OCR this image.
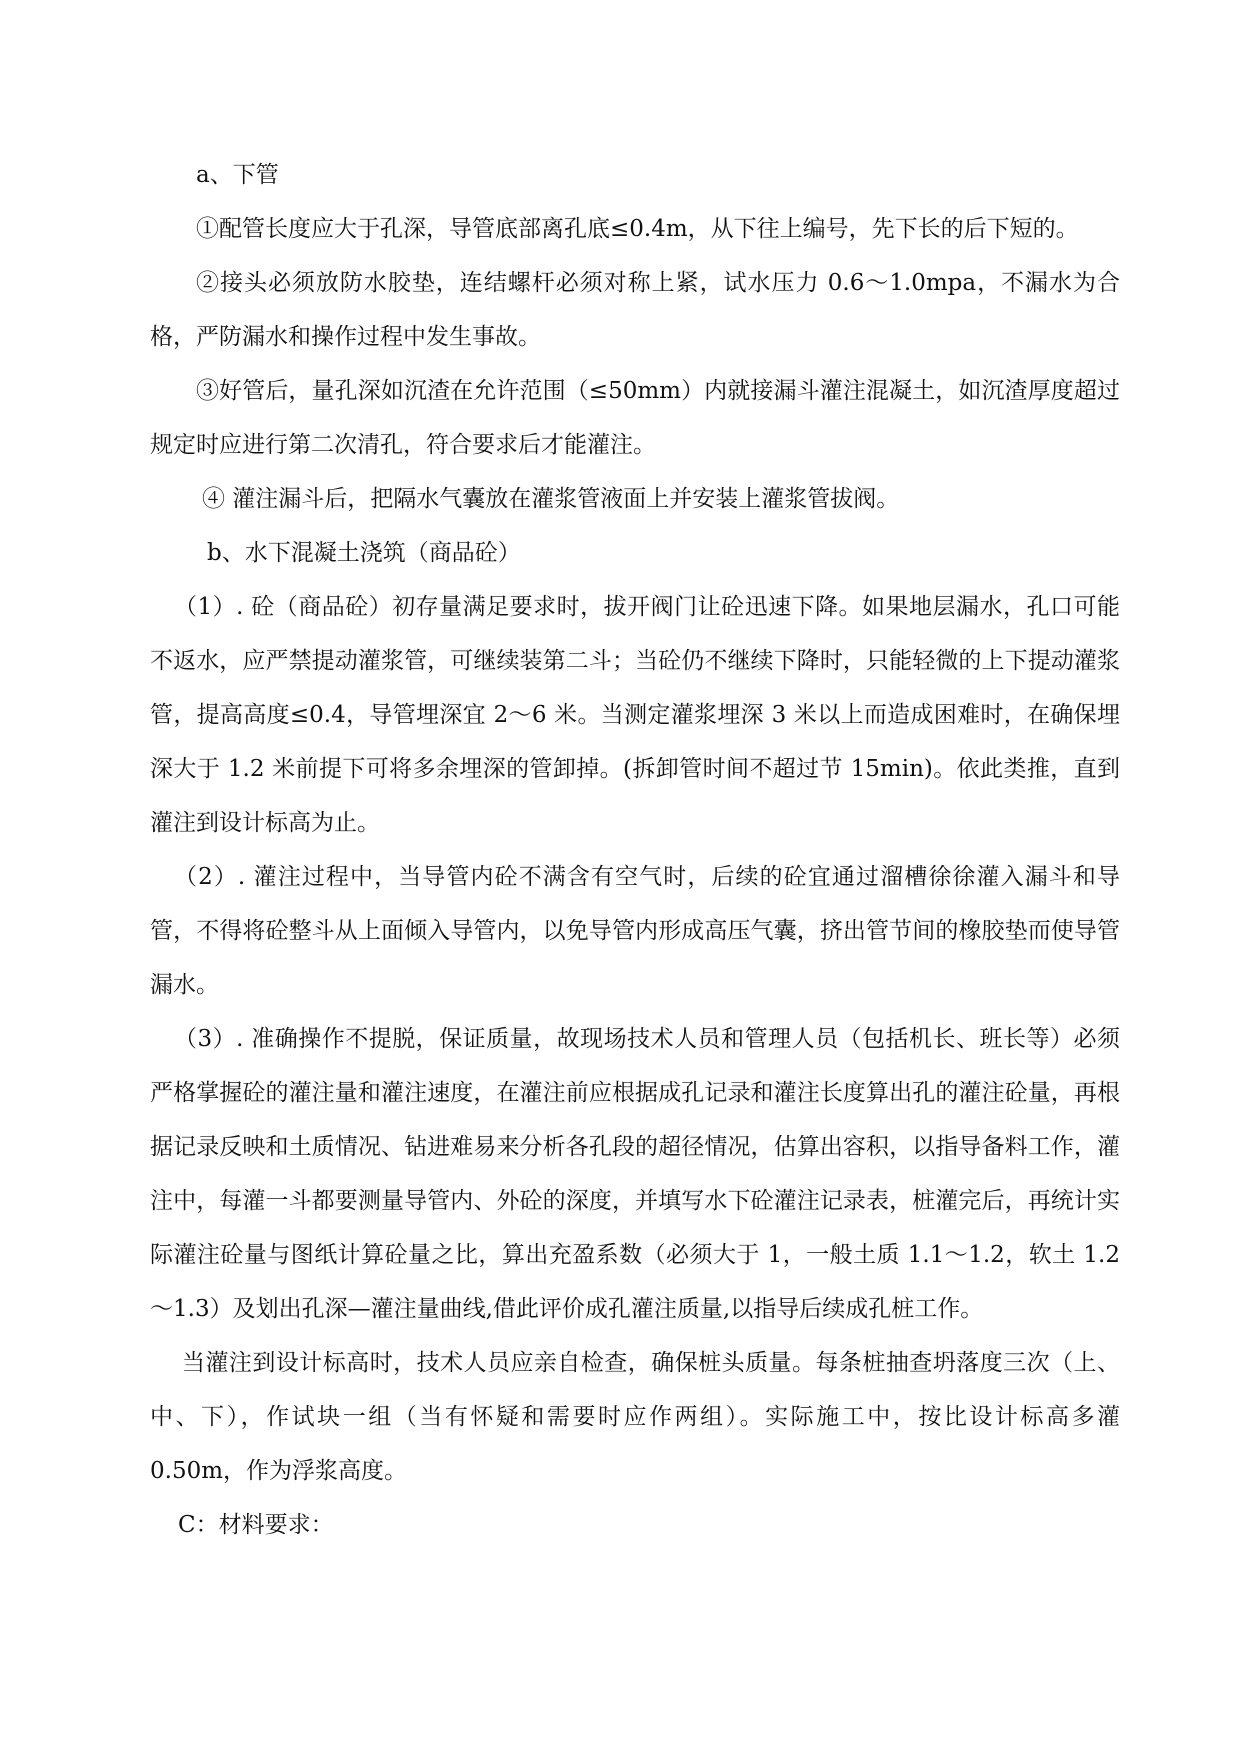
a、下管

①配管长度应大于孔深，导管底部离孔底≤0.4m，从下往上编号，先下长的后下短的。

②接头必须放防水胶垫，连结螺杆必须对称上紧，试水压力 0.6～1.0mpa，不漏水为合格，严防漏水和操作过程中发生事故。

③好管后，量孔深如沉渣在允许范围（≤50mm）内就接漏斗灌注混凝土，如沉渣厚度超过规定时应进行第二次清孔，符合要求后才能灌注。

④ 灌注漏斗后，把隔水气囊放在灌浆管液面上并安装上灌浆管拔阀。

b、水下混凝土浇筑（商品砼）

（1）. 砼（商品砼）初存量满足要求时，拔开阀门让砼迅速下降。如果地层漏水，孔口可能不返水，应严禁提动灌浆管，可继续装第二斗；当砼仍不继续下降时，只能轻微的上下提动灌浆管，提高高度≤0.4，导管埋深宜 2～6 米。当测定灌浆埋深 3 米以上而造成困难时，在确保埋深大于 1.2 米前提下可将多余埋深的管卸掉。(拆卸管时间不超过节 15min)。依此类推，直到灌注到设计标高为止。

（2）. 灌注过程中，当导管内砼不满含有空气时，后续的砼宜通过溜槽徐徐灌入漏斗和导管，不得将砼整斗从上面倾入导管内，以免导管内形成高压气囊，挤出管节间的橡胶垫而使导管漏水。

（3）. 准确操作不提脱，保证质量，故现场技术人员和管理人员（包括机长、班长等）必须严格掌握砼的灌注量和灌注速度，在灌注前应根据成孔记录和灌注长度算出孔的灌注砼量，再根据记录反映和土质情况、钻进难易来分析各孔段的超径情况，估算出容积，以指导备料工作，灌注中，每灌一斗都要测量导管内、外砼的深度，并填写水下砼灌注记录表，桩灌完后，再统计实际灌注砼量与图纸计算砼量之比，算出充盈系数（必须大于 1，一般土质 1.1～1.2，软土 1.2～1.3）及划出孔深—灌注量曲线,借此评价成孔灌注质量,以指导后续成孔桩工作。

当灌注到设计标高时，技术人员应亲自检查，确保桩头质量。每条桩抽查坍落度三次（上、中、下），作试块一组（当有怀疑和需要时应作两组）。实际施工中，按比设计标高多灌 0.50m，作为浮浆高度。

C：材料要求：
